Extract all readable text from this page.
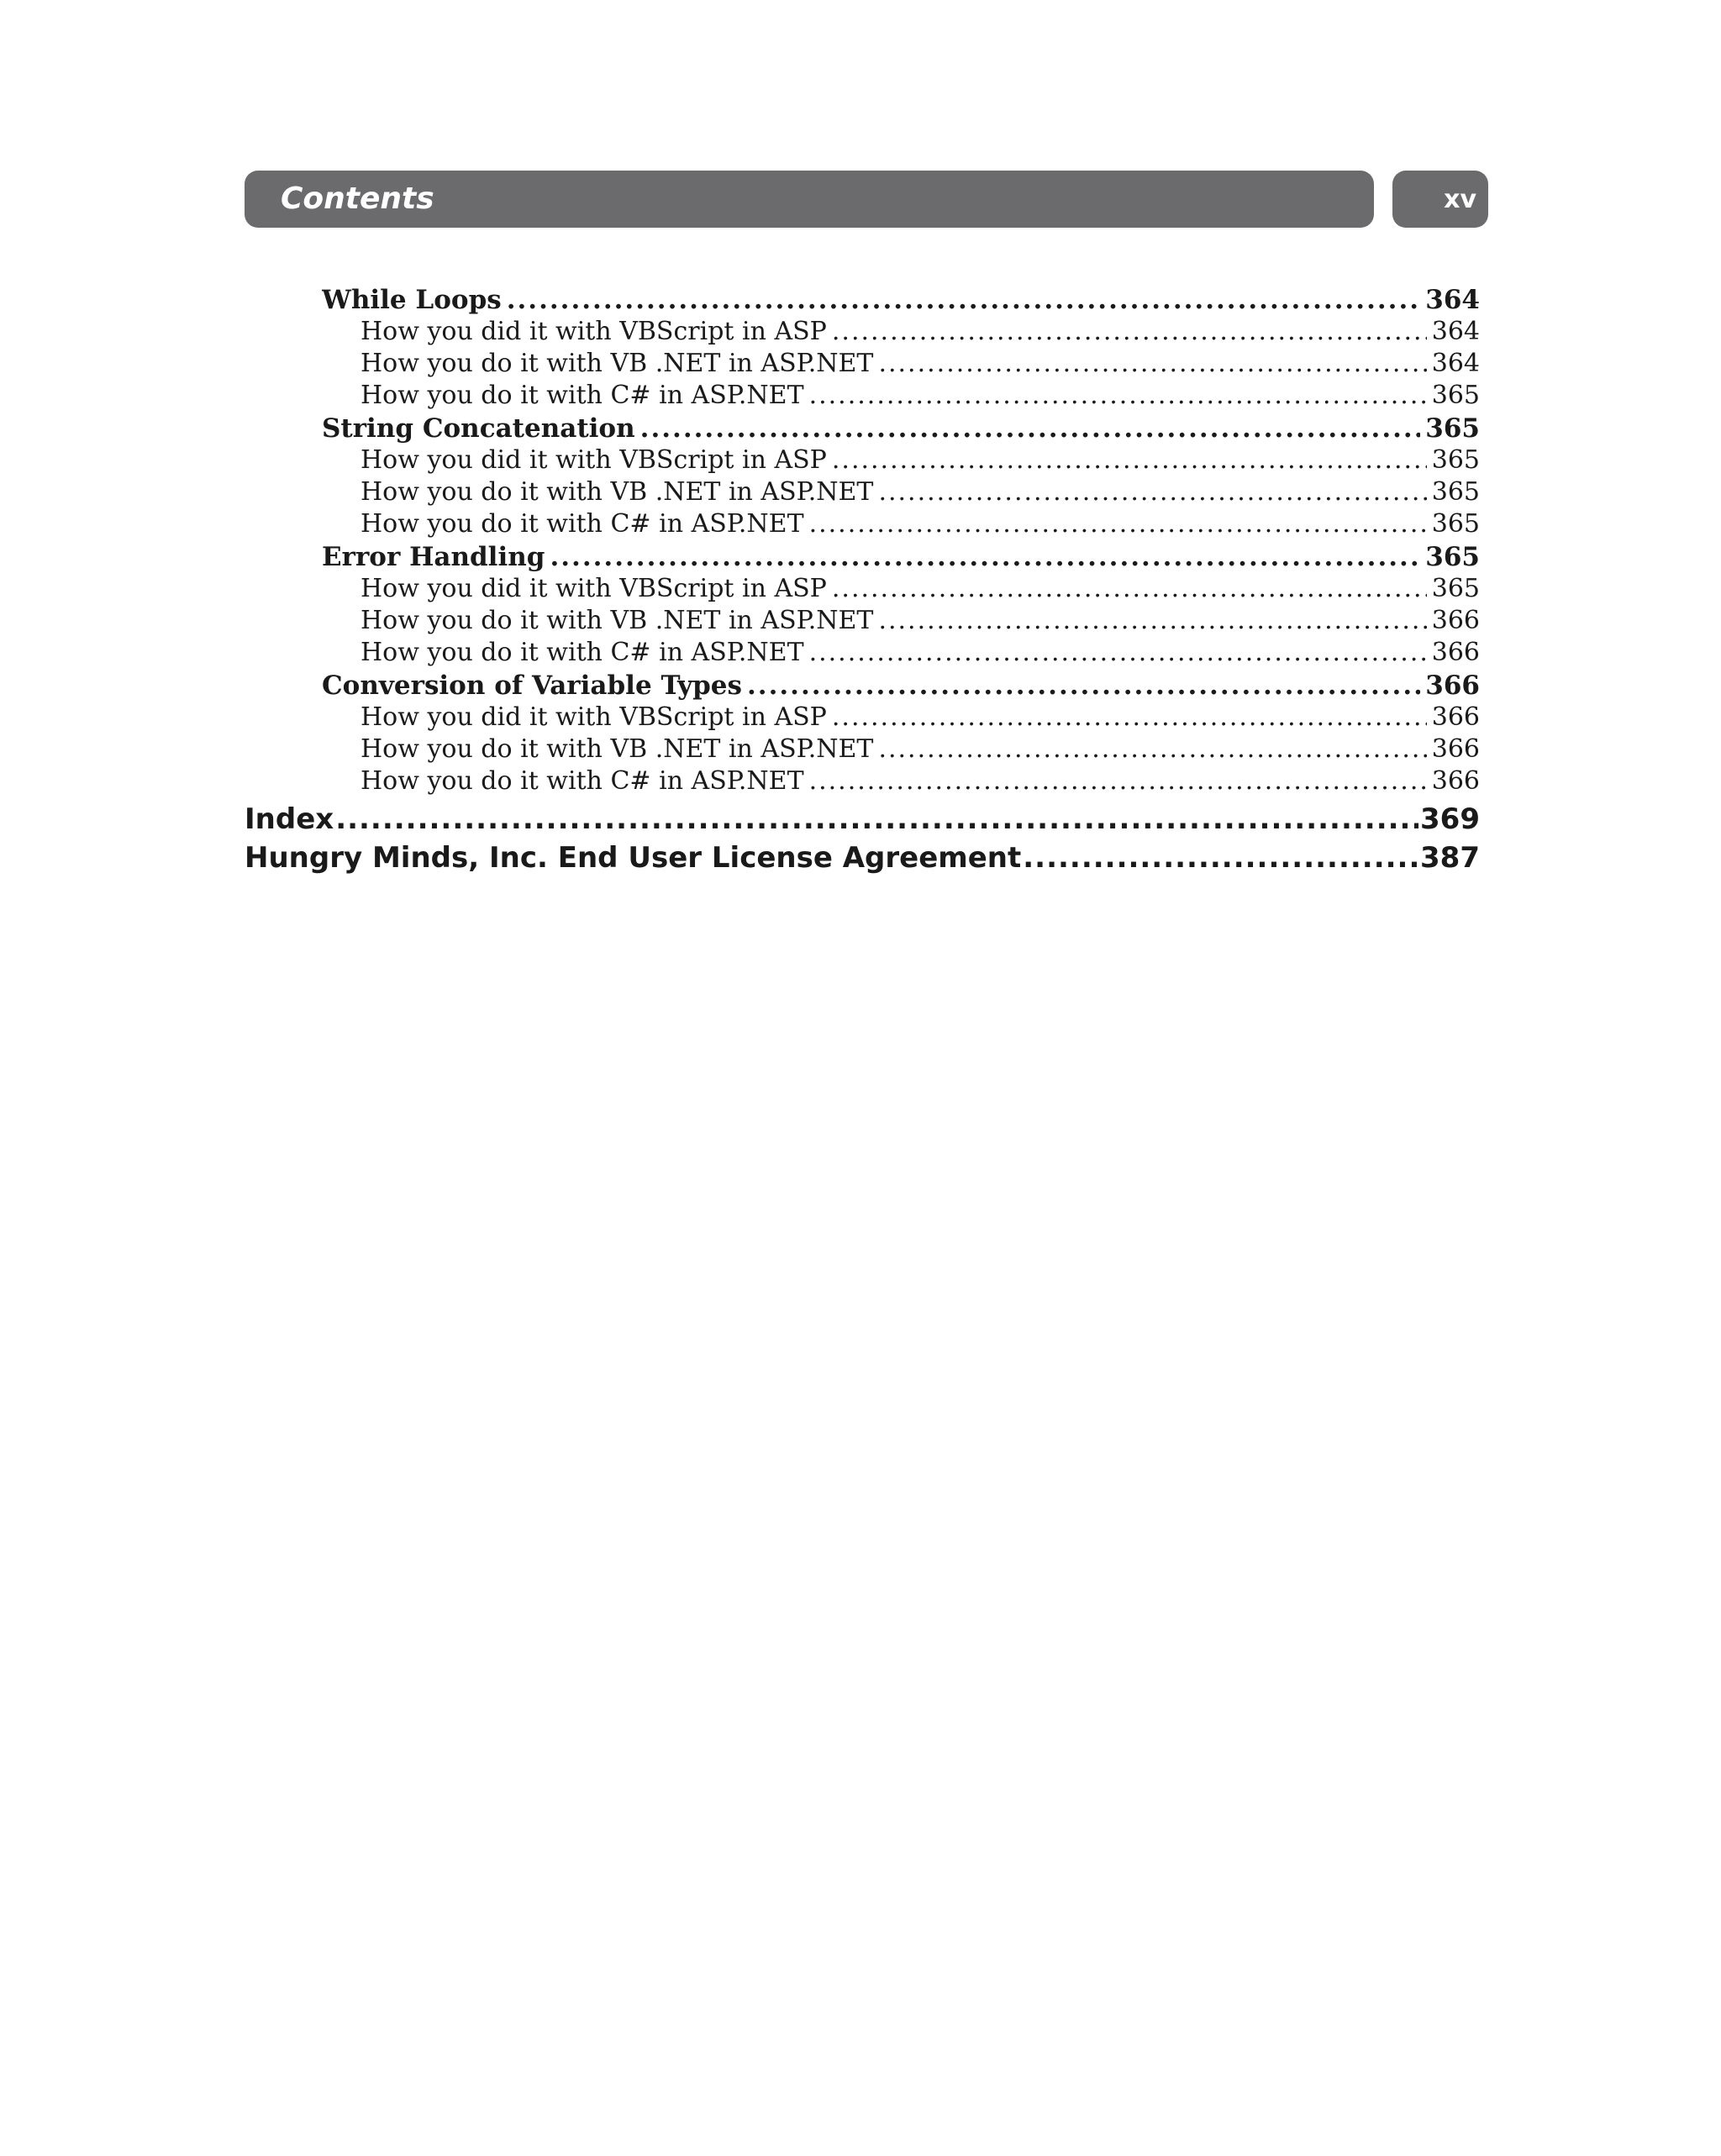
Contents	xv
While Loops .....	364
How you did it with VBScript in ASP .....	364
How you do it with VB .NET in ASP.NET .....	364
How you do it with C# in ASP.NET .....	365
String Concatenation .....	365
How you did it with VBScript in ASP .....	365
How you do it with VB .NET in ASP.NET .....	365
How you do it with C# in ASP.NET .....	365
Error Handling .....	365
How you did it with VBScript in ASP .....	365
How you do it with VB .NET in ASP.NET .....	366
How you do it with C# in ASP.NET .....	366
Conversion of Variable Types .....	366
How you did it with VBScript in ASP .....	366
How you do it with VB .NET in ASP.NET .....	366
How you do it with C# in ASP.NET .....	366
Index .....	369
Hungry Minds, Inc. End User License Agreement .....	387
